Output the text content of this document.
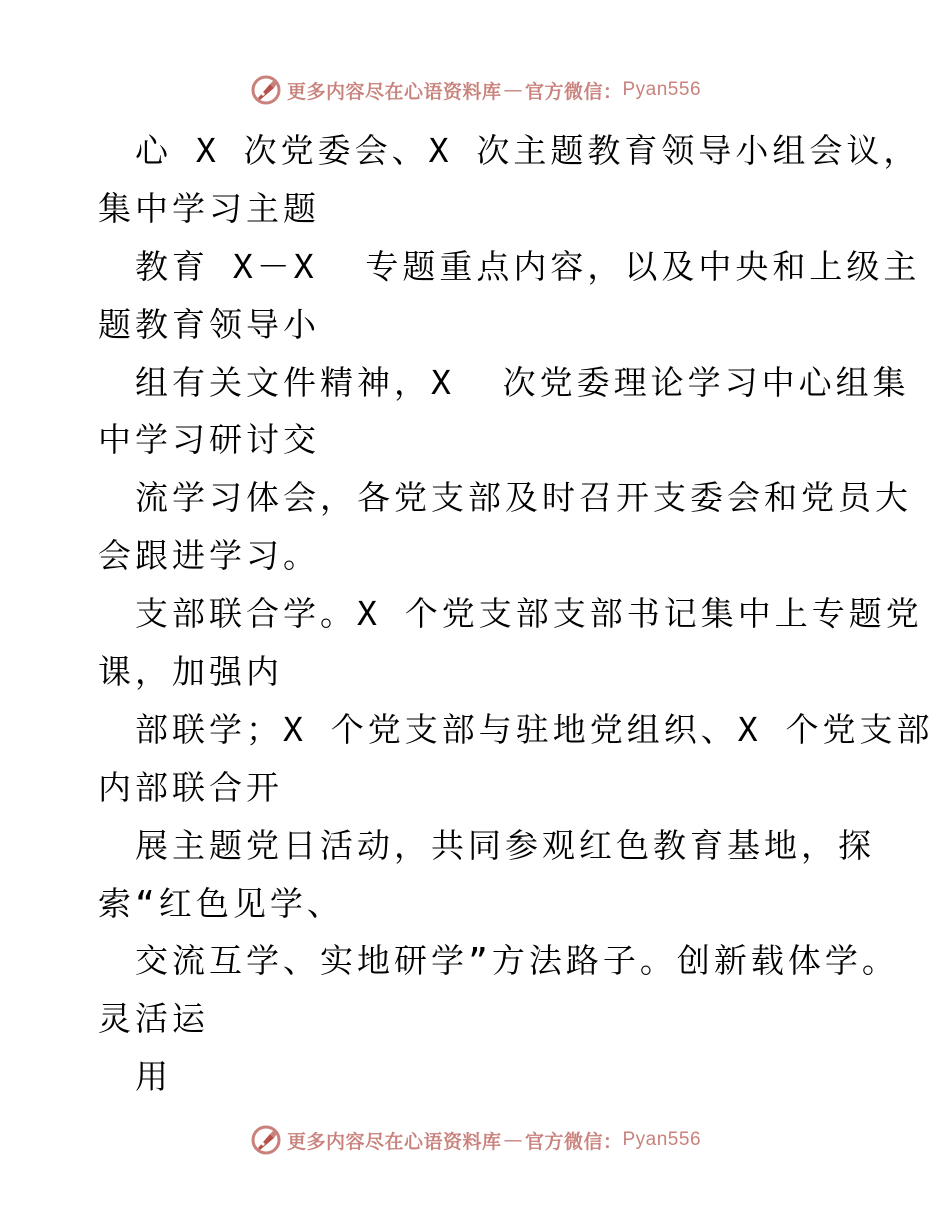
更多内容尽在心语资料库 — 官方微信： Pyan556
心 X 次党委会、X 次主题教育领导小组会议，
集中学习主题
教育 X－X  专题重点内容，以及中央和上级主
题教育领导小
组有关文件精神，X  次党委理论学习中心组集
中学习研讨交
流学习体会，各党支部及时召开支委会和党员大
会跟进学习。
支部联合学。X 个党支部支部书记集中上专题党
课，加强内
部联学；X 个党支部与驻地党组织、X 个党支部
内部联合开
展主题党日活动，共同参观红色教育基地，探
索“红色见学、
交流互学、实地研学”方法路子。创新载体学。
灵活运
用
更多内容尽在心语资料库 — 官方微信： Pyan556
